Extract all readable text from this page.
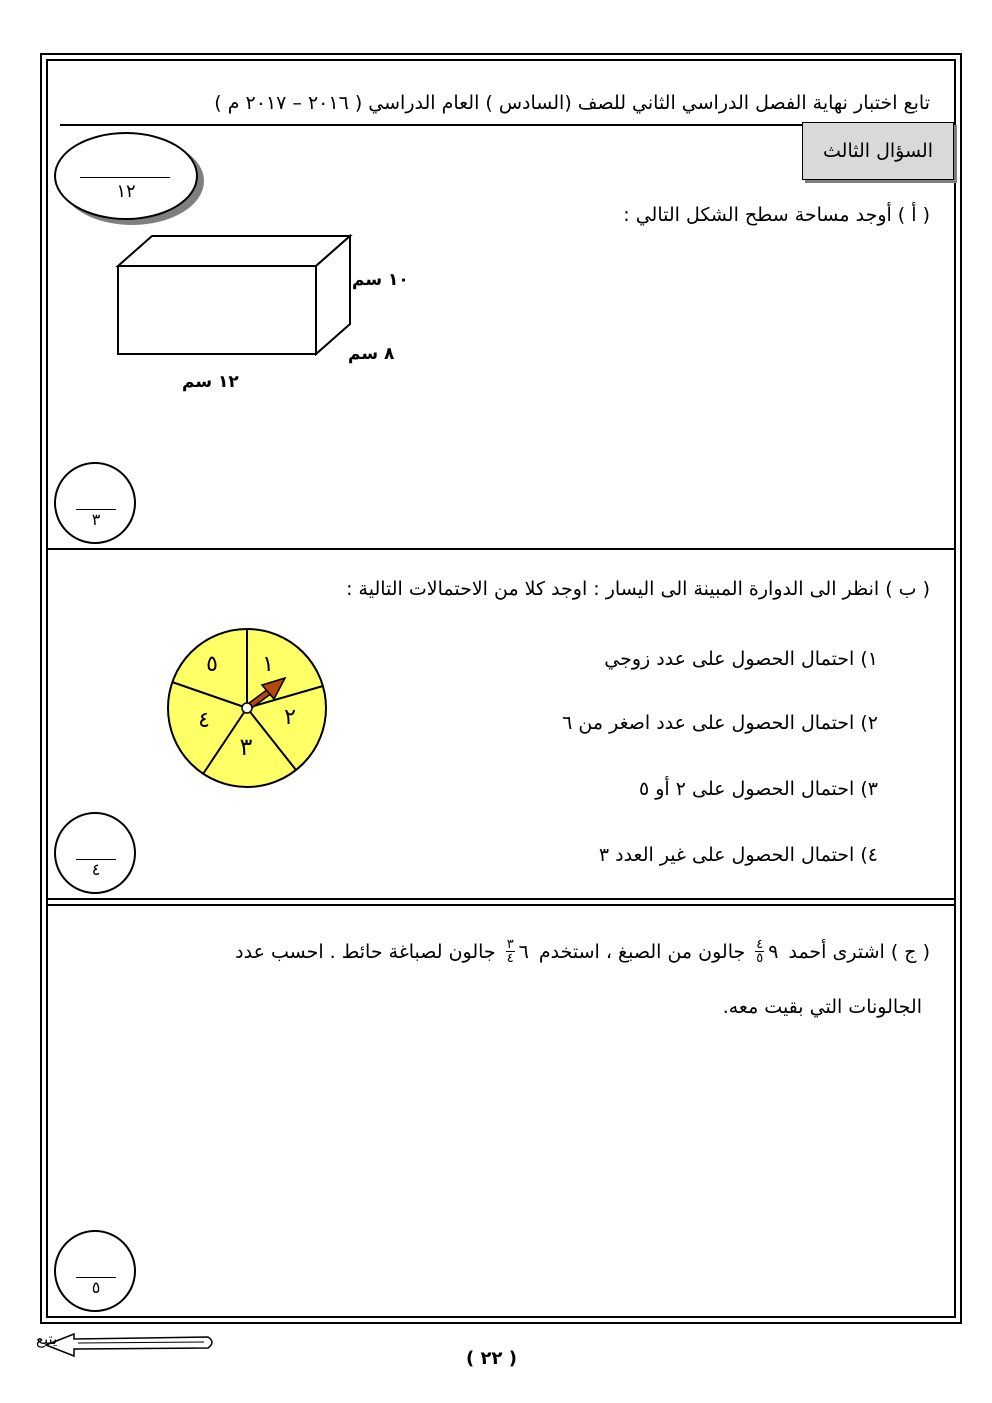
تابع اختبار نهاية الفصل الدراسي الثاني للصف (السادس ) العام الدراسي ( ٢٠١٦ – ٢٠١٧ م )
السؤال الثالث
١٢
( أ ) أوجد مساحة سطح الشكل التالي :
١٠ سم
٨ سم
١٢ سم
٣
( ب ) انظر الى الدوارة المبينة الى اليسار : اوجد كلا من الاحتمالات التالية :
١) احتمال الحصول على عدد زوجي
٢) احتمال الحصول على عدد اصغر من ٦
٣) احتمال الحصول على ٢ أو ٥
٤) احتمال الحصول على غير العدد ٣
١
٢
٣
٤
٥
٤
( ج ) اشترى أحمد
٩
٤
٥
جالون من الصبغ ، استخدم
٦
٣
٤
جالون لصباغة حائط . احسب عدد
الجالونات التي بقيت معه.
٥
يتبع
( ٢٢ )
